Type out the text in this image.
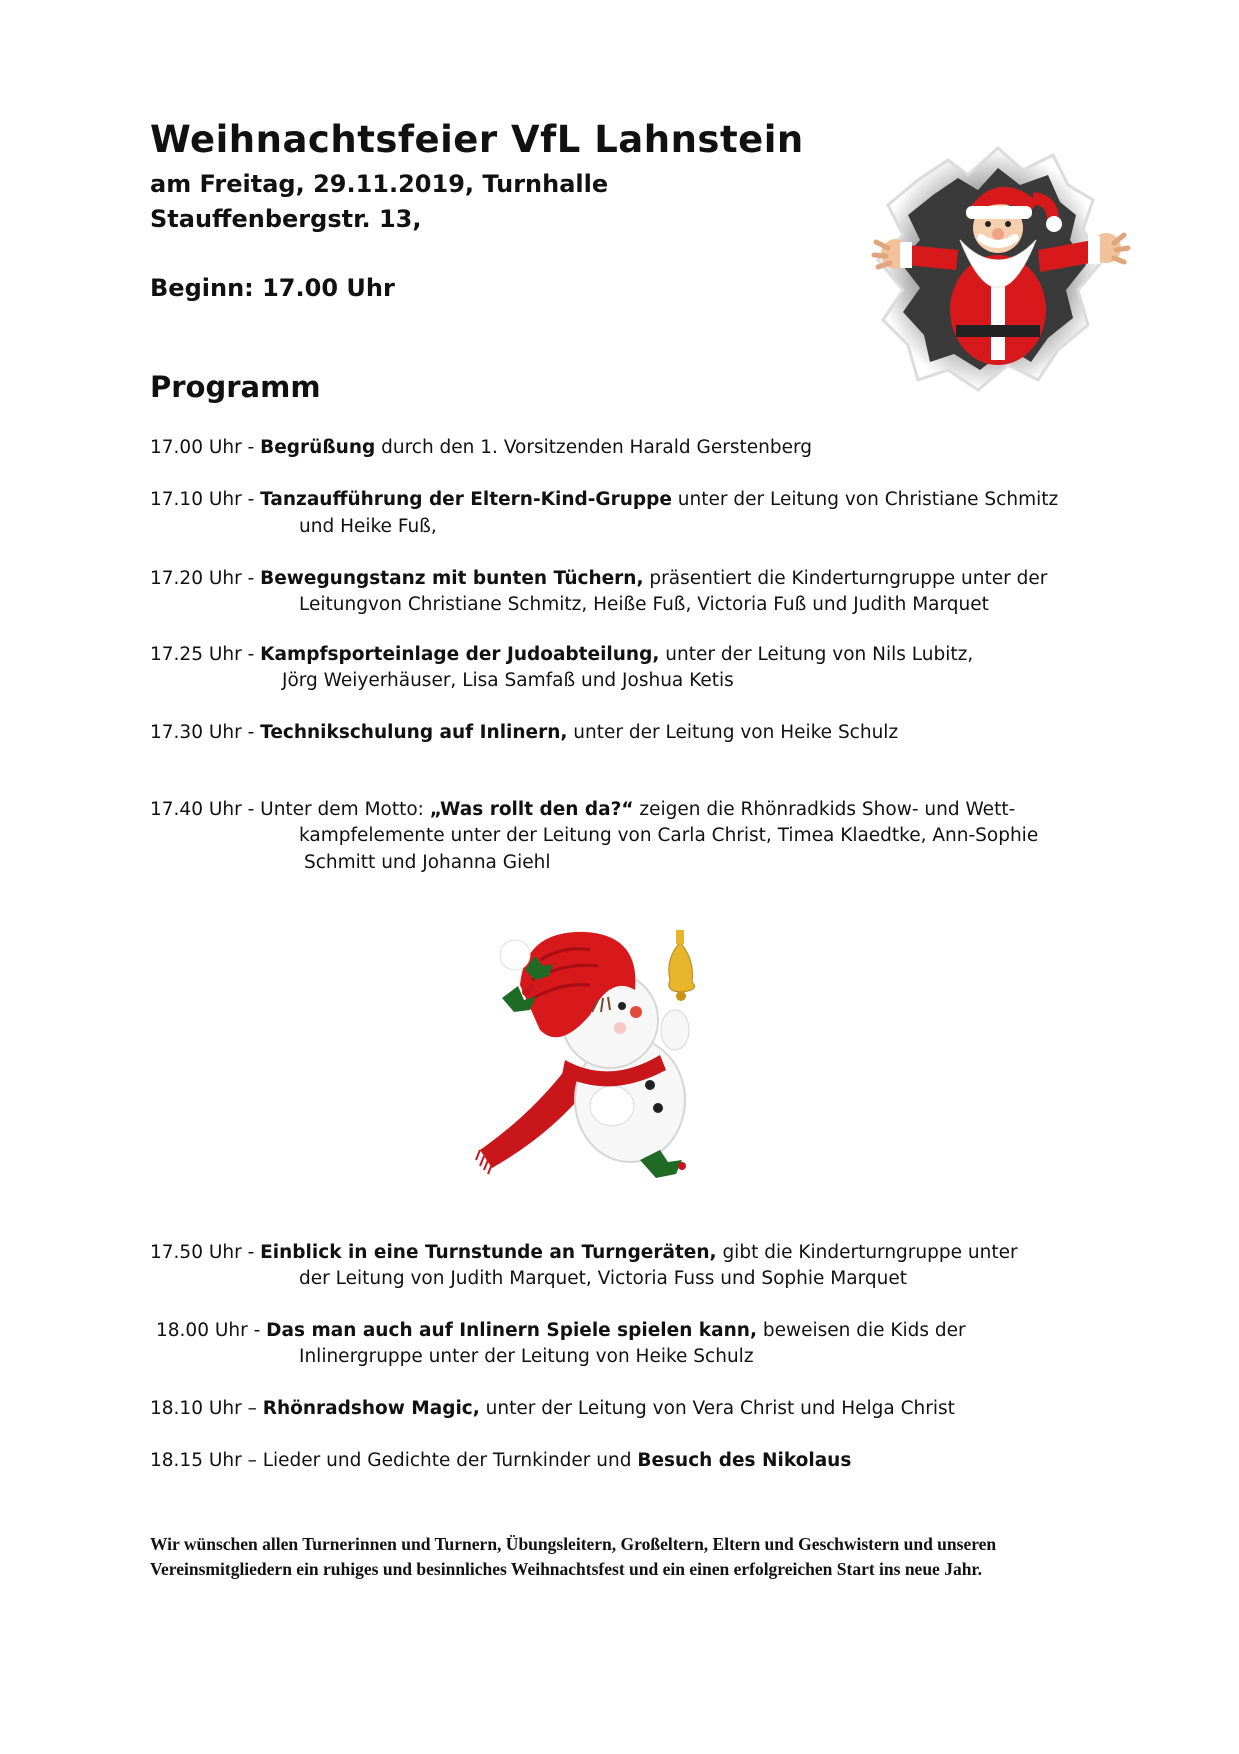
Weihnachtsfeier VfL Lahnstein
am Freitag, 29.11.2019, Turnhalle
Stauffenbergstr. 13,
Beginn: 17.00 Uhr
Programm
17.00 Uhr - Begrüßung durch den 1. Vorsitzenden Harald Gerstenberg
17.10 Uhr - Tanzaufführung der Eltern-Kind-Gruppe unter der Leitung von Christiane Schmitz
und Heike Fuß,
17.20 Uhr - Bewegungstanz mit bunten Tüchern, präsentiert die Kinderturngruppe unter der
Leitungvon Christiane Schmitz, Heiße Fuß, Victoria Fuß und Judith Marquet
17.25 Uhr - Kampfsporteinlage der Judoabteilung, unter der Leitung von Nils Lubitz,
Jörg Weiyerhäuser, Lisa Samfaß und Joshua Ketis
17.30 Uhr - Technikschulung auf Inlinern, unter der Leitung von Heike Schulz
17.40 Uhr - Unter dem Motto: „Was rollt den da?“ zeigen die Rhönradkids Show- und Wett-
kampfelemente unter der Leitung von Carla Christ, Timea Klaedtke, Ann-Sophie
Schmitt und Johanna Giehl
17.50 Uhr - Einblick in eine Turnstunde an Turngeräten, gibt die Kinderturngruppe unter
der Leitung von Judith Marquet, Victoria Fuss und Sophie Marquet
18.00 Uhr - Das man auch auf Inlinern Spiele spielen kann, beweisen die Kids der
Inlinergruppe unter der Leitung von Heike Schulz
18.10 Uhr – Rhönradshow Magic, unter der Leitung von Vera Christ und Helga Christ
18.15 Uhr – Lieder und Gedichte der Turnkinder und Besuch des Nikolaus
Wir wünschen allen Turnerinnen und Turnern, Übungsleitern, Großeltern, Eltern und Geschwistern und unseren
Vereinsmitgliedern ein ruhiges und besinnliches Weihnachtsfest und ein einen erfolgreichen Start ins neue Jahr.
